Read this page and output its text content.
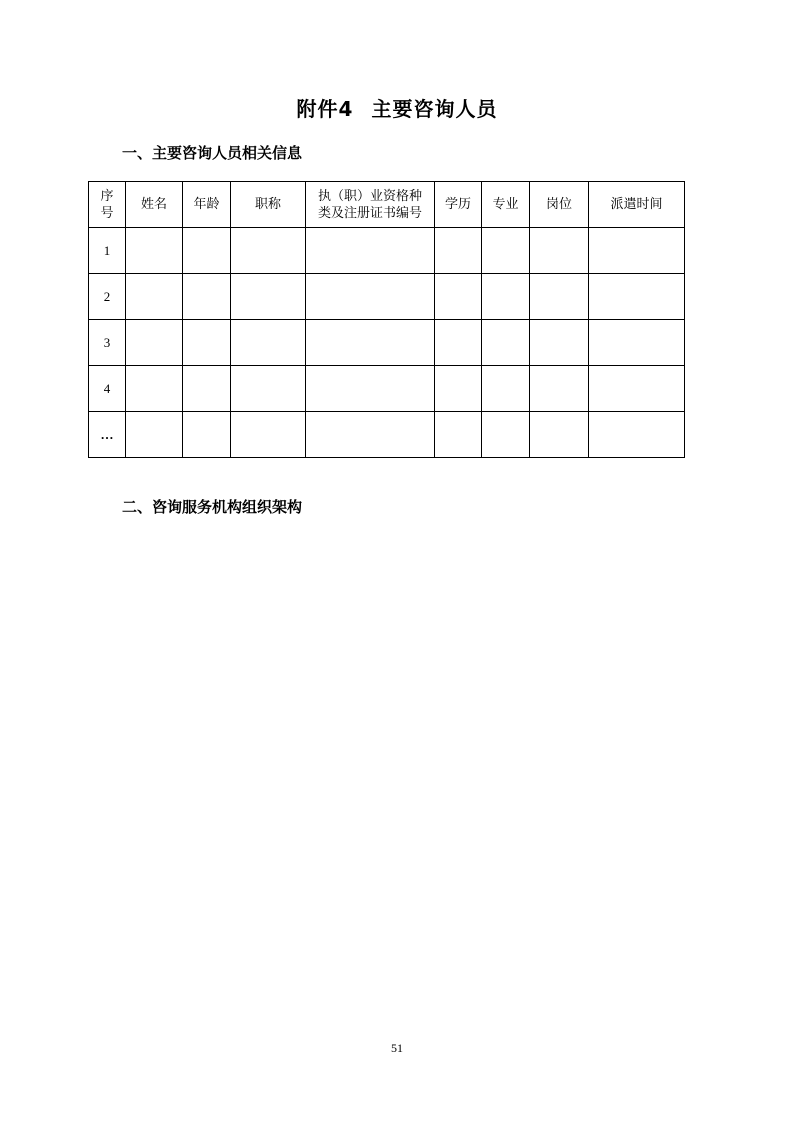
附件4 主要咨询人员
一、主要咨询人员相关信息
序号	姓名	年龄	职称	执（职）业资格种类及注册证书编号	学历	专业	岗位	派遣时间
1								
2								
3								
4								
…								
二、咨询服务机构组织架构
51
